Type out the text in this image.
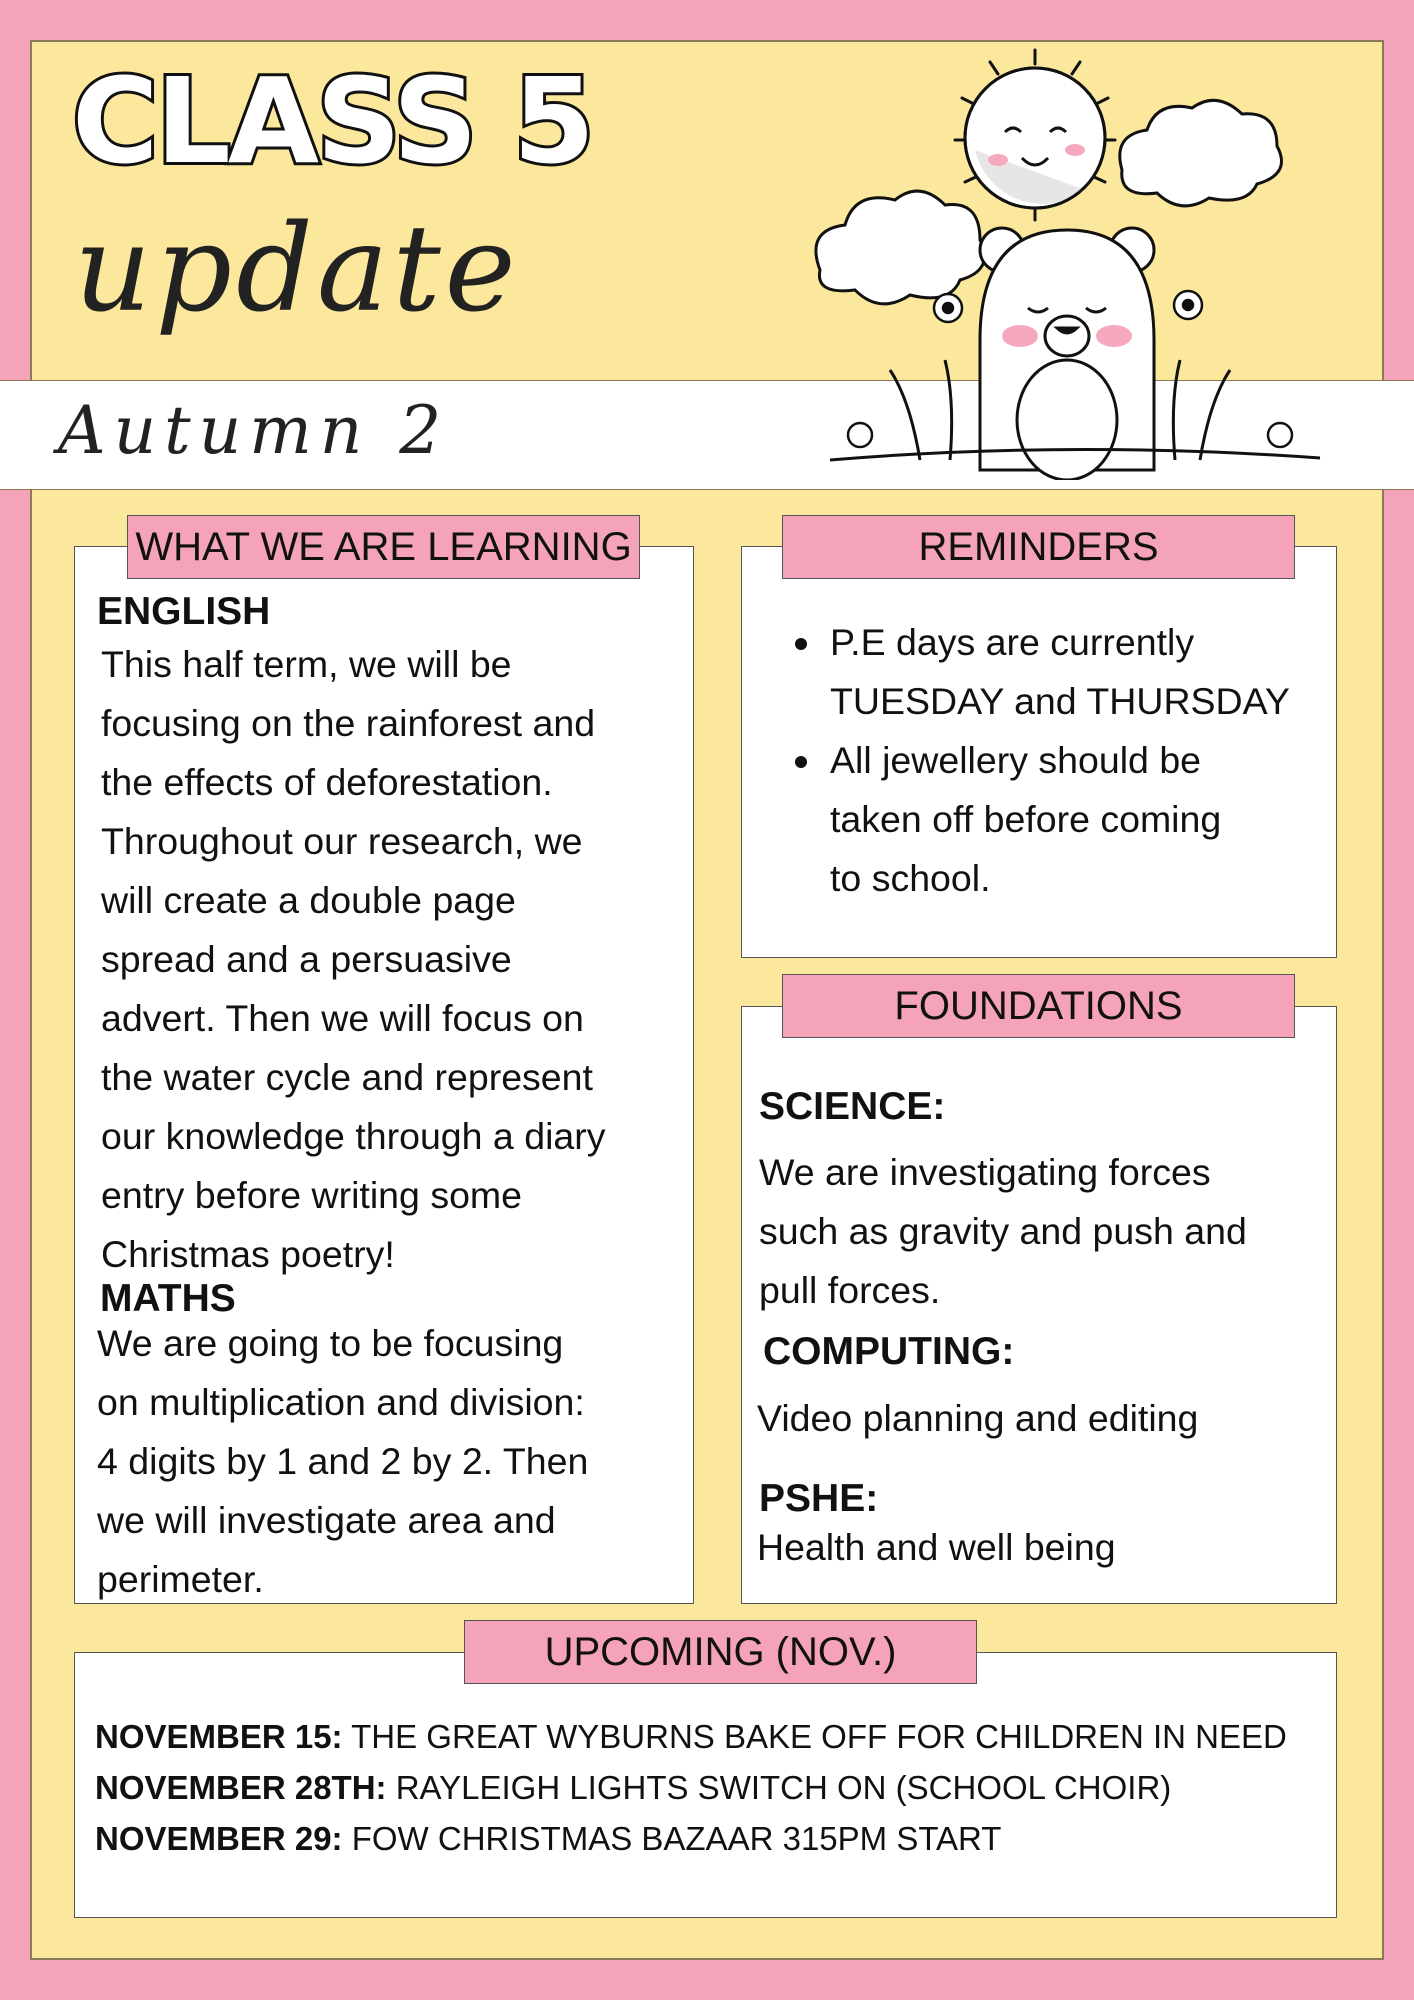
CLASS 5
update
Autumn 2
WHAT WE ARE LEARNING
ENGLISH
This half term, we will be
focusing on the rainforest and
the effects of deforestation.
Throughout our research, we
will create a double page
spread and a persuasive
advert. Then we will focus on
the water cycle and represent
our knowledge through a diary
entry before writing some
Christmas poetry!
MATHS
We are going to be focusing
on multiplication and division:
4 digits by 1 and 2 by 2. Then
we will investigate area and
perimeter.
REMINDERS
P.E days are currently
TUESDAY and THURSDAY
All jewellery should be
taken off before coming
to school.
FOUNDATIONS
SCIENCE:
We are investigating forces
such as gravity and push and
pull forces.
COMPUTING:
Video planning and editing
PSHE:
Health and well being
UPCOMING (NOV.)
NOVEMBER 15: THE GREAT WYBURNS BAKE OFF FOR CHILDREN IN NEED
NOVEMBER 28TH: RAYLEIGH LIGHTS SWITCH ON (SCHOOL CHOIR)
NOVEMBER 29: FOW CHRISTMAS BAZAAR 315PM START
